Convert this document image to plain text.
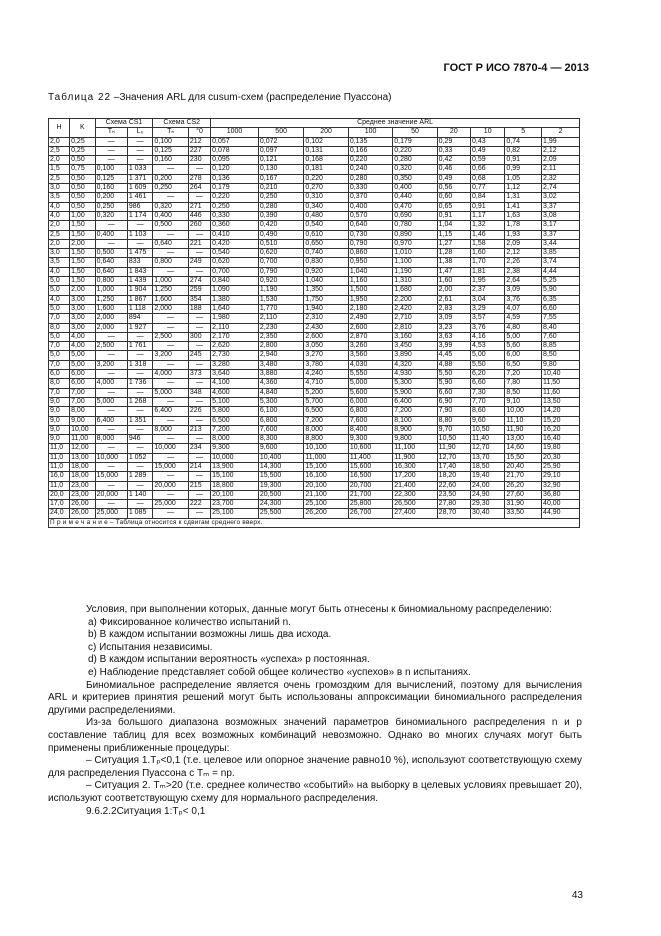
ГОСТ Р ИСО 7870-4 — 2013
Таблица 22 –Значения ARL для cusum-схем (распределение Пуассона)
H	K	Схема CS1		Схема CS2		Среднее значение ARL								
		Tₙ	L₀	Tₙ	°0	1000	500	200	100	50	20	10	5	2
2,0	0,25	—	—	0,100	212	0,057	0,072	0,102	0,135	0,179	0,29	0,43	0,74	1,99
2,5	0,25	—	—	0,125	227	0,078	0,097	0,131	0,166	0,220	0,33	0,49	0,82	2,12
2,0	0,50	—	—	0,160	230	0,095	0,121	0,168	0,220	0,280	0,42	0,59	0,91	2,09
1,5	0,75	0,100	1 033	—	—	0,120	0,130	0,181	0,240	0,320	0,46	0,66	0,99	2,11
2,5	0,50	0,125	1 371	0,200	278	0,136	0,167	0,220	0,280	0,350	0,49	0,68	1,05	2,32
3,0	0,50	0,160	1 609	0,250	264	0,179	0,210	0,270	0,330	0,400	0,56	0,77	1,12	2,74
3,5	0,50	0,200	1 461	—	—	0,220	0,250	0,310	0,370	0,440	0,60	0,84	1,31	3,02
4,0	0,50	0,250	986	0,320	271	0,250	0,280	0,340	0,400	0,470	0,65	0,91	1,41	3,37
4,0	1,00	0,320	1 174	0,400	446	0,330	0,390	0,480	0,570	0,690	0,91	1,17	1,63	3,08
2,0	1,50	—	—	0,500	260	0,360	0,420	0,540	0,640	0,780	1,04	1,32	1,78	3,17
2,5	1,50	0,400	1 103	—	—	0,410	0,490	0,610	0,730	0,890	1,15	1,46	1,93	3,37
2,0	2,00	—	—	0,640	221	0,420	0,510	0,650	0,790	0,970	1,27	1,58	2,09	3,44
3,0	1,50	0,500	1 475	—	—	0,540	0,620	0,740	0,860	1,010	1,28	1,60	2,12	3,85
3,5	1,50	0,640	833	0,800	249	0,620	0,700	0,830	0,950	1,100	1,38	1,70	2,26	3,74
4,0	1,50	0,640	1 843	—	—	0,700	0,790	0,920	1,040	1,190	1,47	1,81	2,38	4,44
5,0	1,50	0,800	1 439	1,000	274	0,840	0,920	1,040	1,160	1,310	1,60	1,95	2,64	5,25
5,0	2,00	1,000	1 904	1,250	259	1,090	1,190	1,350	1,500	1,680	2,00	2,37	3,09	5,90
4,0	3,00	1,250	1 867	1,600	354	1,380	1,530	1,750	1,950	2,200	2,61	3,04	3,76	6,35
5,0	3,00	1,600	1 118	2,000	188	1,640	1,770	1,940	2,180	2,420	2,83	3,29	4,07	6,60
7,0	3,00	2,000	894	—	—	1,980	2,110	2,310	2,490	2,710	3,09	3,57	4,59	7,55
8,0	3,00	2,000	1 927	—	—	2,110	2,230	2,430	2,600	2,810	3,23	3,76	4,80	8,40
5,0	4,00	—	—	2,500	300	2,170	2,350	2,600	2,870	3,160	3,63	4,16	5,00	7,60
7,0	4,00	2,500	1 761	—	—	2,620	2,800	3,050	3,260	3,450	3,99	4,53	5,60	8,85
5,0	5,00	—	—	3,200	245	2,730	2,940	3,270	3,560	3,890	4,45	5,00	6,00	8,50
7,0	5,00	3,200	1 318	—	—	3,280	3,480	3,780	4,030	4,320	4,88	5,50	6,50	9,80
6,0	6,00	—	—	4,000	373	3,640	3,880	4,240	5,550	4,930	5,50	6,20	7,20	10,40
8,0	6,00	4,000	1 736	—	—	4,100	4,360	4,710	5,000	5,300	5,90	6,60	7,80	11,50
7,0	7,00	—	—	5,000	348	4,600	4,840	5,200	5,600	5,900	6,60	7,30	8,50	11,60
9,0	7,00	5,000	1 268	—	—	5,100	5,300	5,700	6,000	6,400	6,90	7,70	9,10	13,50
9,0	8,00	—	—	6,400	226	5,800	6,100	6,500	6,800	7,200	7,90	8,60	10,00	14,20
9,0	9,00	6,400	1 351	—	—	6,500	6,800	7,200	7,600	8,100	8,80	9,60	11,10	15,20
9,0	10,00	—	—	8,000	213	7,200	7,600	8,000	8,400	8,900	9,70	10,50	11,90	16,20
9,0	11,00	8,000	946	—	—	8,000	8,300	8,800	9,300	9,800	10,50	11,40	13,00	16,40
11,0	12,00	—	—	10,000	234	9,300	9,600	10,100	10,600	11,100	11,90	12,70	14,60	19,80
11,0	13,00	10,000	1 052	—	—	10,000	10,400	11,000	11,400	11,900	12,70	13,70	15,50	20,30
11,0	18,00	—	—	15,000	214	13,900	14,300	15,100	15,600	16,300	17,40	18,50	20,40	25,90
16,0	18,00	15,000	1 289	—	—	15,100	15,500	16,100	16,500	17,200	18,20	19,40	21,70	29,10
11,0	23,00	—	—	20,000	215	18,800	19,300	20,100	20,700	21,400	22,60	24,00	26,20	32,90
20,0	23,00	20,000	1 140	—	—	20,100	20,500	21,100	21,700	22,300	23,50	24,90	27,60	36,80
17,0	26,00	—	—	25,000	222	23,700	24,300	25,100	25,800	26,500	27,80	29,30	31,90	40,00
24,0	26,00	25,000	1 085	—	—	25,100	25,500	26,200	26,700	27,400	28,70	30,40	33,50	44,90
П р и м е ч а н и е – Таблица относится к сдвигам среднего вверх.														

Условия, при выполнении которых, данные могут быть отнесены к биномиальному распределению:

a) Фиксированное количество испытаний n.

b) В каждом испытании возможны лишь два исхода.

c) Испытания независимы.

d) В каждом испытании вероятность «успеха» p постоянная.

e) Наблюдение представляет собой общее количество «успехов» в n испытаниях.

Биномиальное распределение является очень громоздким для вычислений, поэтому для вычисления ARL и критериев принятия решений могут быть использованы аппроксимации биномиального распределения другими распределениями.

Из-за большого диапазона возможных значений параметров биномиального распределения n и p составление таблиц для всех возможных комбинаций невозможно. Однако во многих случаях могут быть применены приближенные процедуры:

– Ситуация 1.Tₚ<0,1 (т.е. целевое или опорное значение равно10 %), используют соответствующую схему для распределения Пуассона с Tₘ = np.

– Ситуация 2. Tₘ>20 (т.е. среднее количество «событий» на выборку в целевых условиях превышает 20), используют соответствующую схему для нормального распределения.

9.6.2.2Ситуация 1:Tₚ< 0,1

43
